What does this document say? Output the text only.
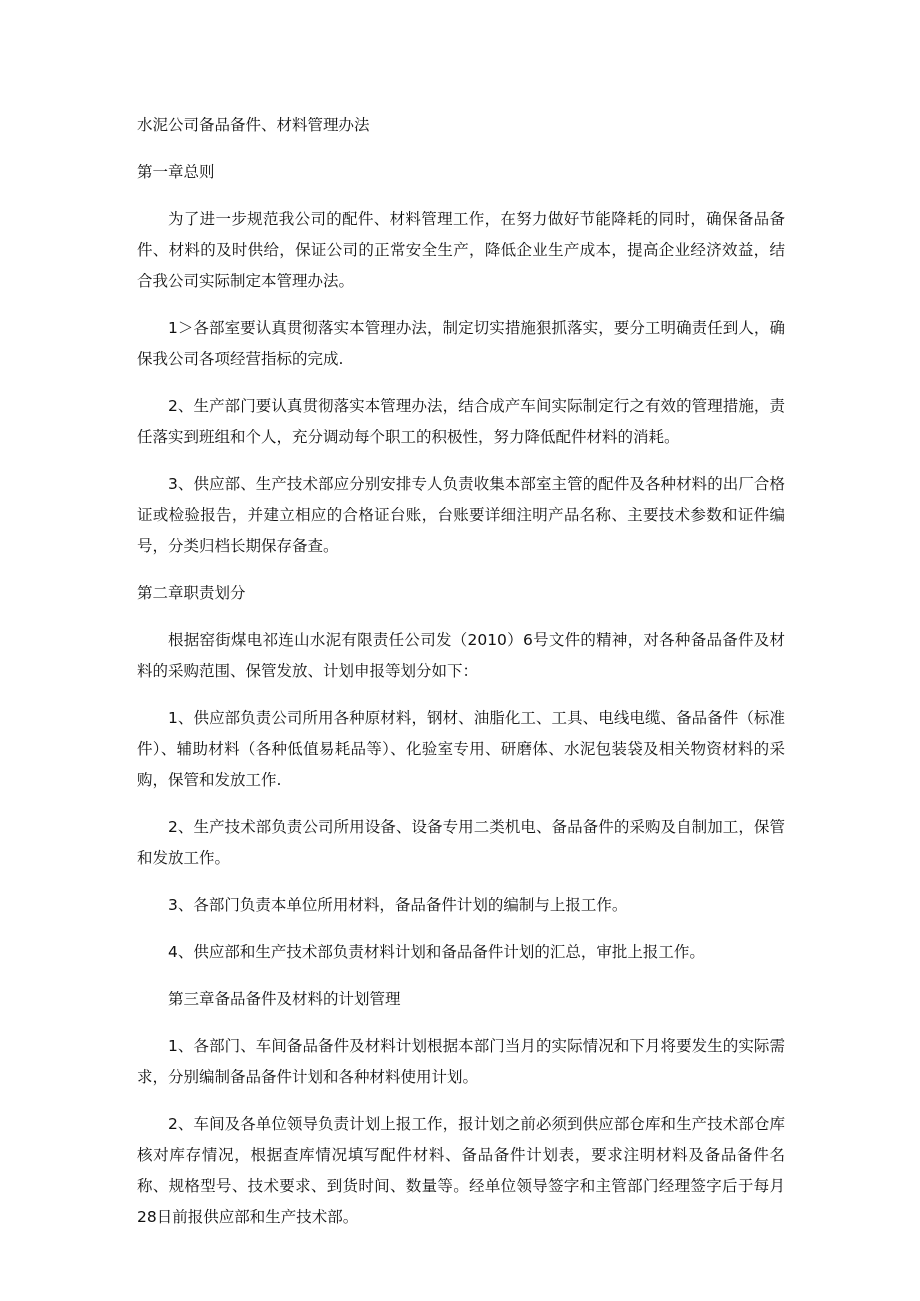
水泥公司备品备件、材料管理办法

第一章总则

为了进一步规范我公司的配件、材料管理工作，在努力做好节能降耗的同时，确保备品备件、材料的及时供给，保证公司的正常安全生产，降低企业生产成本，提高企业经济效益，结合我公司实际制定本管理办法。

1＞各部室要认真贯彻落实本管理办法，制定切实措施狠抓落实，要分工明确责任到人，确保我公司各项经营指标的完成.

2、生产部门要认真贯彻落实本管理办法，结合成产车间实际制定行之有效的管理措施，责任落实到班组和个人，充分调动每个职工的积极性，努力降低配件材料的消耗。

3、供应部、生产技术部应分别安排专人负责收集本部室主管的配件及各种材料的出厂合格证或检验报告，并建立相应的合格证台账，台账要详细注明产品名称、主要技术参数和证件编号，分类归档长期保存备查。

第二章职责划分

根据窑街煤电祁连山水泥有限责任公司发（2010）6号文件的精神，对各种备品备件及材料的采购范围、保管发放、计划申报等划分如下：

1、供应部负责公司所用各种原材料，钢材、油脂化工、工具、电线电缆、备品备件（标准件）、辅助材料（各种低值易耗品等）、化验室专用、研磨体、水泥包装袋及相关物资材料的采购，保管和发放工作.

2、生产技术部负责公司所用设备、设备专用二类机电、备品备件的采购及自制加工，保管和发放工作。

3、各部门负责本单位所用材料，备品备件计划的编制与上报工作。

4、供应部和生产技术部负责材料计划和备品备件计划的汇总，审批上报工作。

第三章备品备件及材料的计划管理

1、各部门、车间备品备件及材料计划根据本部门当月的实际情况和下月将要发生的实际需求，分别编制备品备件计划和各种材料使用计划。

2、车间及各单位领导负责计划上报工作，报计划之前必须到供应部仓库和生产技术部仓库核对库存情况，根据查库情况填写配件材料、备品备件计划表，要求注明材料及备品备件名称、规格型号、技术要求、到货时间、数量等。经单位领导签字和主管部门经理签字后于每月28日前报供应部和生产技术部。
